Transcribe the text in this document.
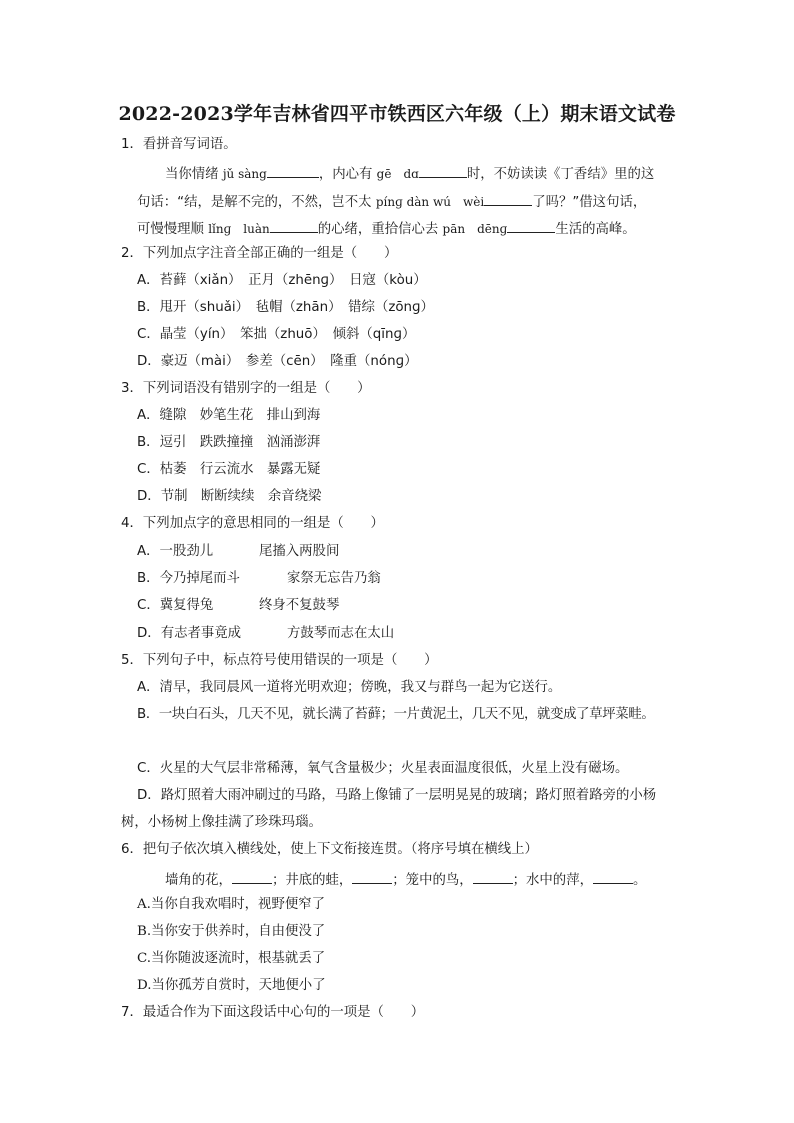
2022-2023学年吉林省四平市铁西区六年级（上）期末语文试卷
1．看拼音写词语。
当你情绪 jǔ sàng	，内心有 gē　dɑ	时，不妨读读《丁香结》里的这
句话：“结，是解不完的，不然，岂不太 pínɡ dàn wú　wèi	了吗？”借这句话，
可慢慢理顺 lǐnɡ　luàn	的心绪，重拾信心去 pān　dēnɡ	生活的高峰。
2．下列加点字注音全部正确的一组是（　　）
A．苔藓（xiǎn）　正月（zhēnɡ）　日寇（kòu）
B．甩开（shuǎi）　毡帽（zhān）　错综（zōnɡ）
C．晶莹（yín）　笨拙（zhuō）　倾斜（qīnɡ）
D．豪迈（mài）　参差（cēn）　隆重（nónɡ）
3．下列词语没有错别字的一组是（　　）
A．缝隙　妙笔生花　排山到海
B．逗引　跌跌撞撞　汹涌澎湃
C．枯萎　行云流水　暴露无疑
D．节制　断断续续　余音绕梁
4．下列加点字的意思相同的一组是（　　）
A．一股劲儿	尾搐入两股间
B．今乃掉尾而斗	家祭无忘告乃翁
C．冀复得兔	终身不复鼓琴
D．有志者事竟成	方鼓琴而志在太山
5．下列句子中，标点符号使用错误的一项是（　　）
A．清早，我同晨风一道将光明欢迎；傍晚，我又与群鸟一起为它送行。
B．一块白石头，几天不见，就长满了苔藓；一片黄泥土，几天不见，就变成了草坪菜畦。
C．火星的大气层非常稀薄，氧气含量极少；火星表面温度很低，火星上没有磁场。
D．路灯照着大雨冲刷过的马路，马路上像铺了一层明晃晃的玻璃；路灯照着路旁的小杨
树，小杨树上像挂满了珍珠玛瑙。
6．把句子依次填入横线处，使上下文衔接连贯。（将序号填在横线上）
墙角的花，	；井底的蛙，	；笼中的鸟，	；水中的萍，	。
A.当你自我欢唱时，视野便窄了
B.当你安于供养时，自由便没了
C.当你随波逐流时，根基就丢了
D.当你孤芳自赏时，天地便小了
7．最适合作为下面这段话中心句的一项是（　　）
